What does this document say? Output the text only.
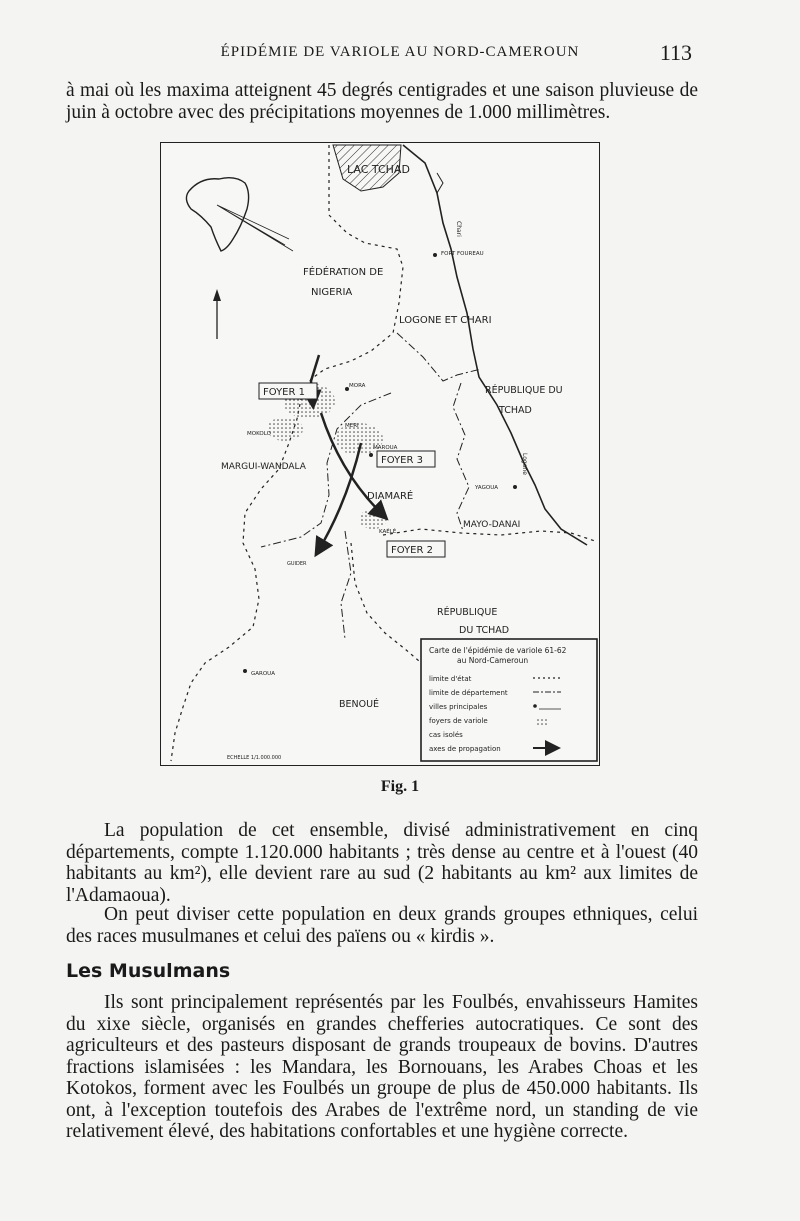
ÉPIDÉMIE DE VARIOLE AU NORD-CAMEROUN	113

à mai où les maxima atteignent 45 degrés centigrades et une saison pluvieuse de juin à octobre avec des précipitations moyennes de 1.000 millimètres.

LAC TCHAD
FORT FOUREAU
Chari
FÉDÉRATION DE
NIGERIA
LOGONE ET CHARI
RÉPUBLIQUE DU
TCHAD
Logone
FOYER 1
FOYER 2
FOYER 3
MORA
MOKOLO
MERI
MAROUA
MARGUI-WANDALA
DIAMARÉ
YAGOUA
MAYO-DANAI
KAÉLÉ
GUIDER
RÉPUBLIQUE
DU TCHAD
GAROUA
BENOUÉ
ECHELLE 1/1.000.000
Carte de l'épidémie de variole 61-62
au Nord-Cameroun
limite d'état
limite de département
villes principales
foyers de variole
cas isolés
axes de propagation
Fig. 1

La population de cet ensemble, divisé administrativement en cinq départements, compte 1.120.000 habitants ; très dense au centre et à l'ouest (40 habitants au km²), elle devient rare au sud (2 habitants au km² aux limites de l'Adamaoua).

On peut diviser cette population en deux grands groupes ethniques, celui des races musulmanes et celui des païens ou « kirdis ».

Les Musulmans

Ils sont principalement représentés par les Foulbés, envahisseurs Hamites du xixe siècle, organisés en grandes chefferies autocratiques. Ce sont des agriculteurs et des pasteurs disposant de grands troupeaux de bovins. D'autres fractions islamisées : les Mandara, les Bornouans, les Arabes Choas et les Kotokos, forment avec les Foulbés un groupe de plus de 450.000 habitants. Ils ont, à l'exception toutefois des Arabes de l'extrême nord, un standing de vie relativement élevé, des habitations confortables et une hygiène correcte.
